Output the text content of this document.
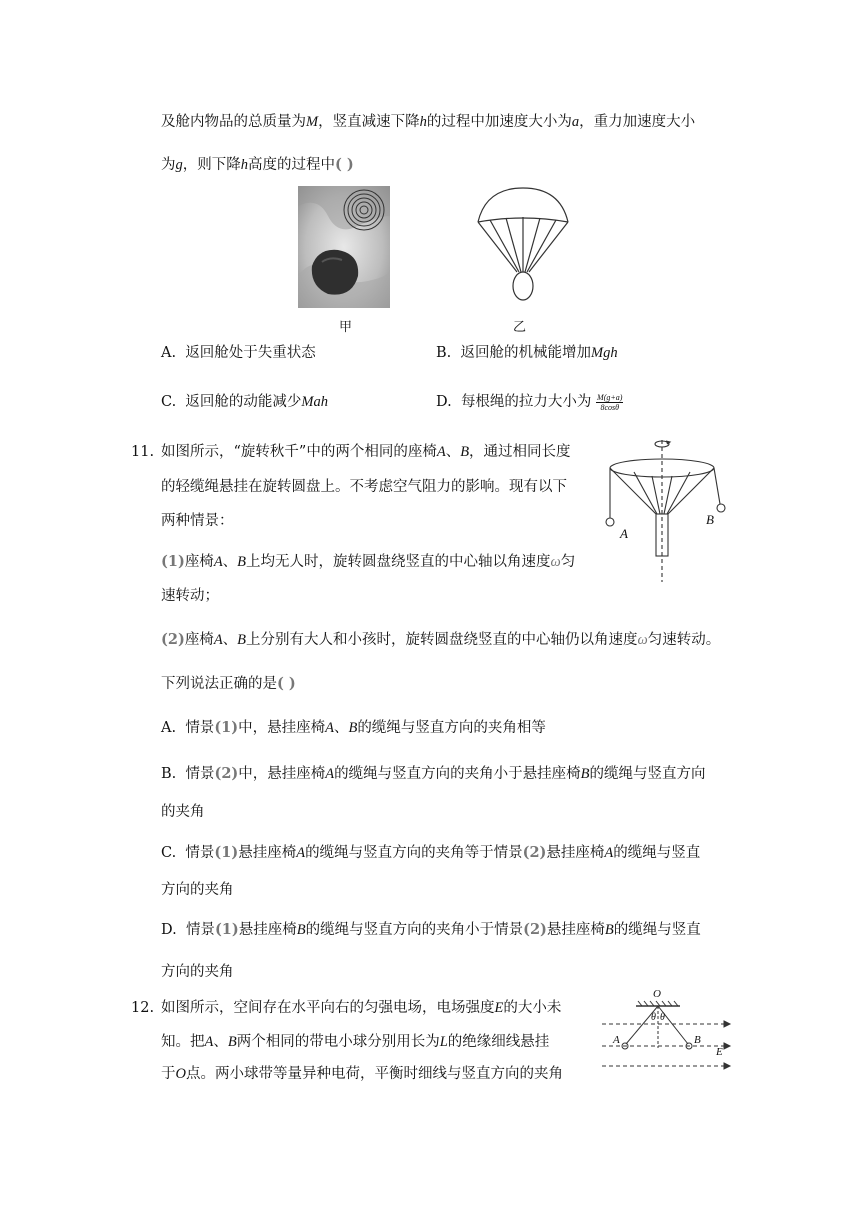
及舱内物品的总质量为M，竖直减速下降h的过程中加速度大小为a，重力加速度大小
为g，则下降h高度的过程中( )
甲	乙
A. 返回舱处于失重状态	B. 返回舱的机械能增加Mgh
C. 返回舱的动能减少Mah	D. 每根绳的拉力大小为 $\frac{M(g+a)}{8\cos\theta}$
11. 如图所示，“旋转秋千”中的两个相同的座椅A、B，通过相同长度
的轻缆绳悬挂在旋转圆盘上。不考虑空气阻力的影响。现有以下
两种情景：
(1)座椅A、B上均无人时，旋转圆盘绕竖直的中心轴以角速度ω匀
速转动；
(2)座椅A、B上分别有大人和小孩时，旋转圆盘绕竖直的中心轴仍以角速度ω匀速转动。
下列说法正确的是( )
A
B
A. 情景(1)中，悬挂座椅A、B的缆绳与竖直方向的夹角相等
B. 情景(2)中，悬挂座椅A的缆绳与竖直方向的夹角小于悬挂座椅B的缆绳与竖直方向
的夹角
C. 情景(1)悬挂座椅A的缆绳与竖直方向的夹角等于情景(2)悬挂座椅A的缆绳与竖直
方向的夹角
D. 情景(1)悬挂座椅B的缆绳与竖直方向的夹角小于情景(2)悬挂座椅B的缆绳与竖直
方向的夹角
12. 如图所示，空间存在水平向右的匀强电场，电场强度E的大小未
知。把A、B两个相同的带电小球分别用长为L的绝缘细线悬挂
于O点。两小球带等量异种电荷，平衡时细线与竖直方向的夹角
O
θ θ
A	B
E
